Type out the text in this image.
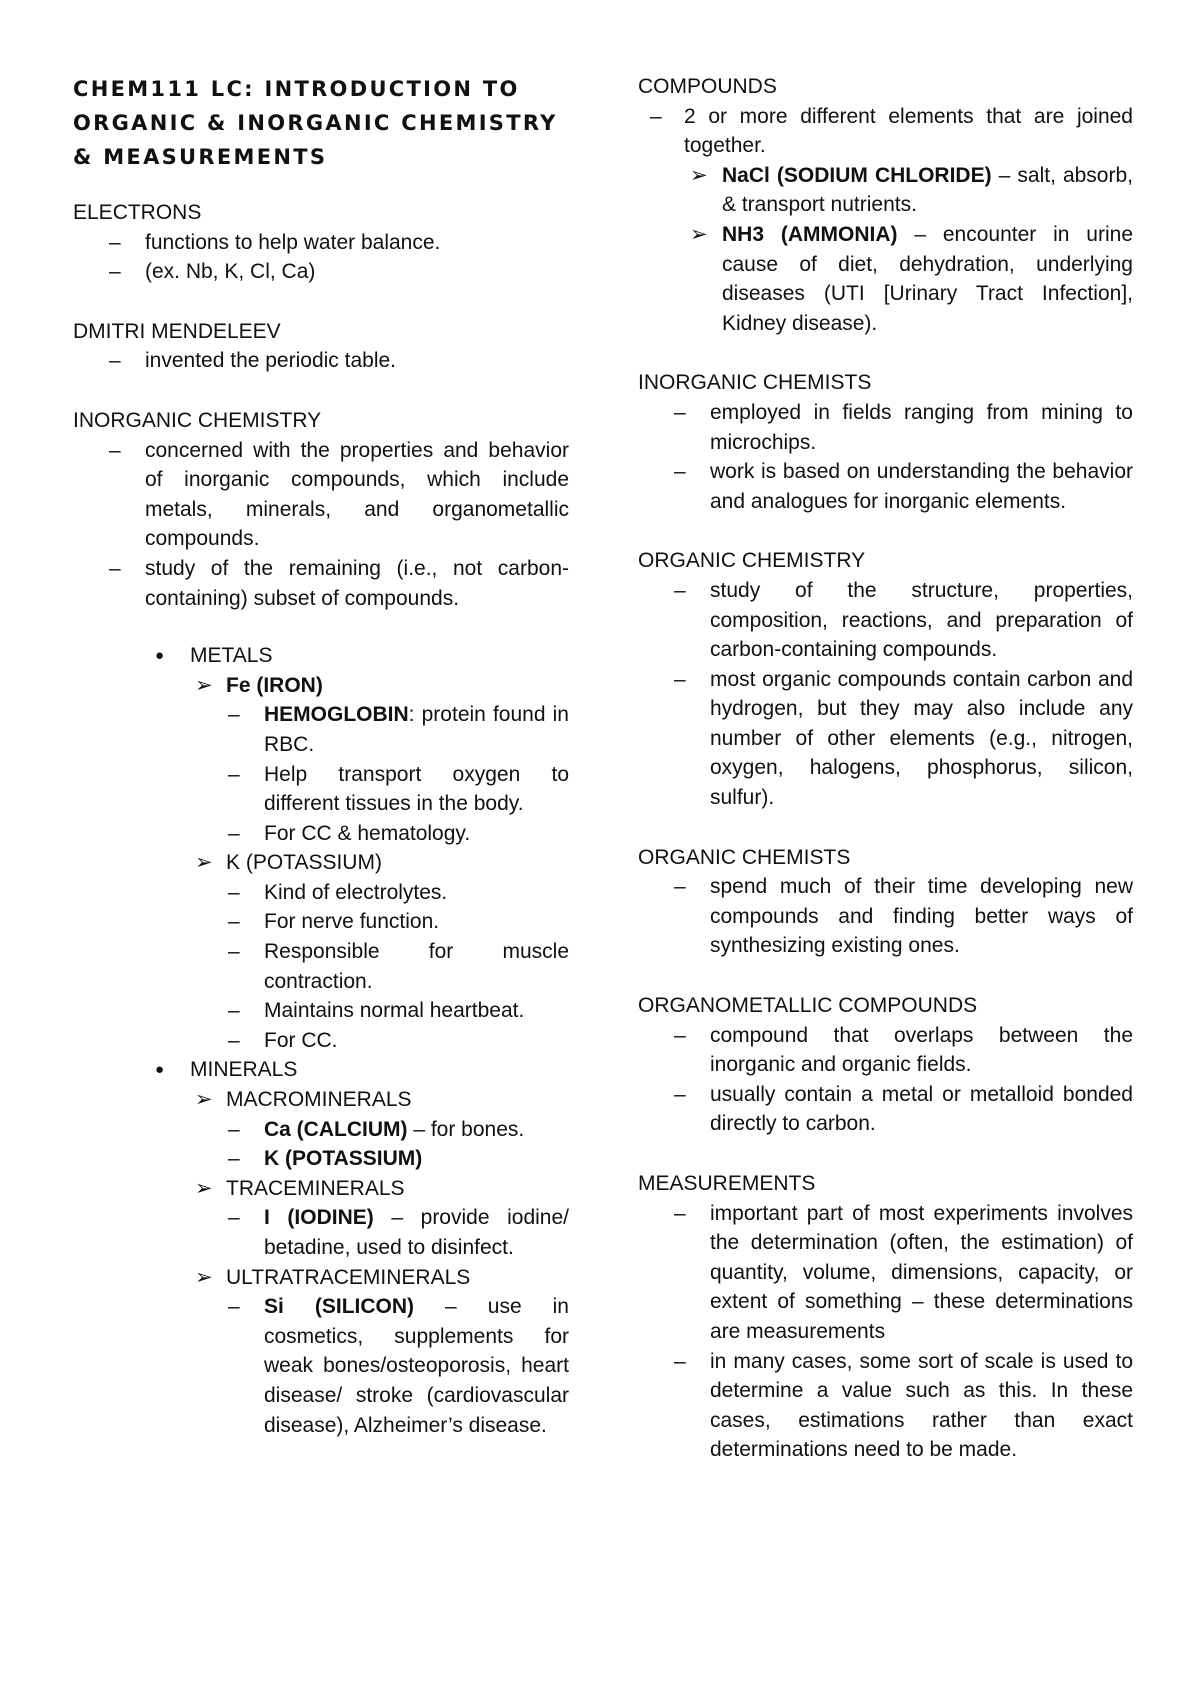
CHEM111 LC: INTRODUCTION TO
ORGANIC & INORGANIC CHEMISTRY
& MEASUREMENTS
ELECTRONS
– functions to help water balance.
– (ex. Nb, K, Cl, Ca)
DMITRI MENDELEEV
– invented the periodic table.
INORGANIC CHEMISTRY
– concerned with the properties and behavior of inorganic compounds, which include metals, minerals, and organometallic compounds.
– study of the remaining (i.e., not carbon-containing) subset of compounds.
● METALS
➢ Fe (IRON)
– HEMOGLOBIN: protein found in RBC.
– Help transport oxygen to different tissues in the body.
– For CC & hematology.
➢ K (POTASSIUM)
– Kind of electrolytes.
– For nerve function.
– Responsible for muscle contraction.
– Maintains normal heartbeat.
– For CC.
● MINERALS
➢ MACROMINERALS
– Ca (CALCIUM) – for bones.
– K (POTASSIUM)
➢ TRACEMINERALS
– I (IODINE) – provide iodine/ betadine, used to disinfect.
➢ ULTRATRACEMINERALS
– Si (SILICON) – use in cosmetics, supplements for weak bones/osteoporosis, heart disease/ stroke (cardiovascular disease), Alzheimer’s disease.
COMPOUNDS
– 2 or more different elements that are joined together.
➢ NaCl (SODIUM CHLORIDE) – salt, absorb, & transport nutrients.
➢ NH3 (AMMONIA) – encounter in urine cause of diet, dehydration, underlying diseases (UTI [Urinary Tract Infection], Kidney disease).
INORGANIC CHEMISTS
– employed in fields ranging from mining to microchips.
– work is based on understanding the behavior and analogues for inorganic elements.
ORGANIC CHEMISTRY
– study of the structure, properties, composition, reactions, and preparation of carbon-containing compounds.
– most organic compounds contain carbon and hydrogen, but they may also include any number of other elements (e.g., nitrogen, oxygen, halogens, phosphorus, silicon, sulfur).
ORGANIC CHEMISTS
– spend much of their time developing new compounds and finding better ways of synthesizing existing ones.
ORGANOMETALLIC COMPOUNDS
– compound that overlaps between the inorganic and organic fields.
– usually contain a metal or metalloid bonded directly to carbon.
MEASUREMENTS
– important part of most experiments involves the determination (often, the estimation) of quantity, volume, dimensions, capacity, or extent of something – these determinations are measurements
– in many cases, some sort of scale is used to determine a value such as this. In these cases, estimations rather than exact determinations need to be made.
